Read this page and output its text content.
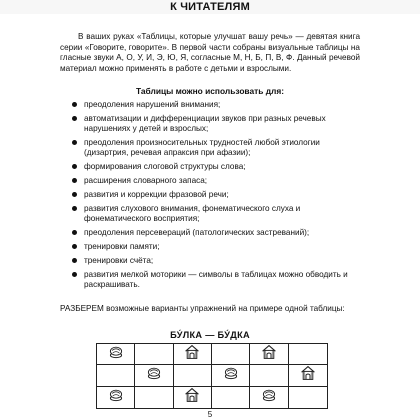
К ЧИТАТЕЛЯМ

В ваших руках «Таблицы, которые улучшат вашу речь» — девятая книга серии «Говорите, говорите». В первой части собраны визуальные таблицы на гласные звуки А, О, У, И, Э, Ю, Я, согласные М, Н, Б, П, В, Ф. Данный речевой материал можно применять в работе с детьми и взрослыми.

Таблицы можно использовать для:
преодоления нарушений внимания;
автоматизации и дифференциации звуков при разных речевых нарушениях у детей и взрослых;
преодоления произносительных трудностей любой этиологии (дизартрия, речевая апраксия при афазии);
формирования слоговой структуры слова;
расширения словарного запаса;
развития и коррекции фразовой речи;
развития слухового внимания, фонематического слуха и фонематического восприятия;
преодоления персевераций (патологических застреваний);
тренировки памяти;
тренировки счёта;
развития мелкой моторики — символы в таблицах можно обводить и раскрашивать.

РАЗБЕРЕМ возможные варианты упражнений на примере одной таблицы:

БУ́ЛКА — БУ́ДКА
5
